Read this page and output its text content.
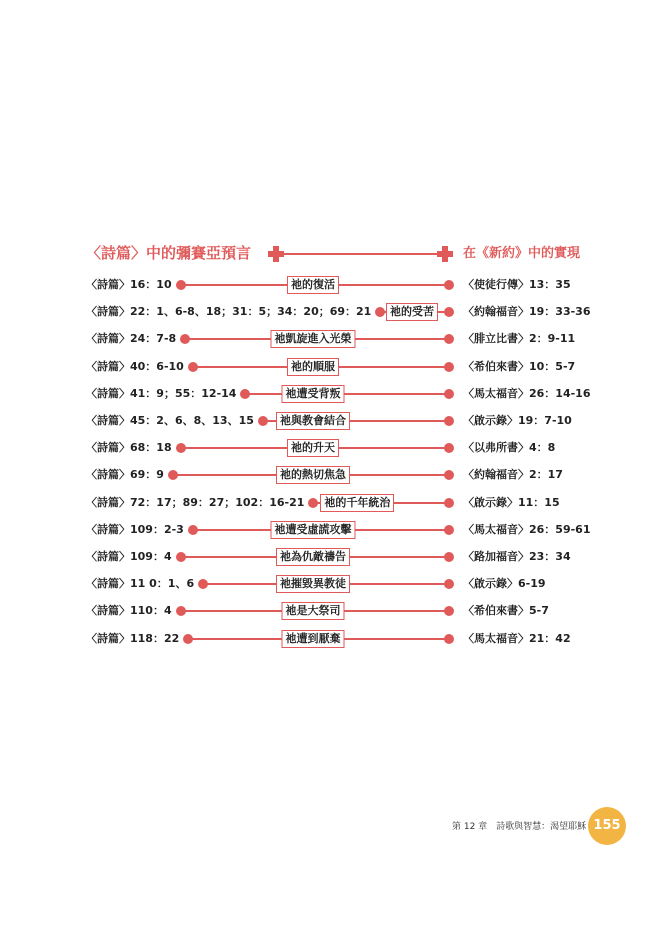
〈詩篇〉中的彌賽亞預言	在《新約》中的實現
〈詩篇〉16：10	祂的復活	〈使徒行傳〉13：35
〈詩篇〉22：1、6-8、18；31：5；34：20；69：21	祂的受苦	〈約翰福音〉19：33-36
〈詩篇〉24：7-8	祂凱旋進入光榮	〈腓立比書〉2：9-11
〈詩篇〉40：6-10	祂的順服	〈希伯來書〉10：5-7
〈詩篇〉41：9；55：12-14	祂遭受背叛	〈馬太福音〉26：14-16
〈詩篇〉45：2、6、8、13、15	祂與教會結合	〈啟示錄〉19：7-10
〈詩篇〉68：18	祂的升天	〈以弗所書〉4：8
〈詩篇〉69：9	祂的熱切焦急	〈約翰福音〉2：17
〈詩篇〉72：17；89：27；102：16-21	祂的千年統治	〈啟示錄〉11：15
〈詩篇〉109：2-3	祂遭受虛謊攻擊	〈馬太福音〉26：59-61
〈詩篇〉109：4	祂為仇敵禱告	〈路加福音〉23：34
〈詩篇〉11 0：1、6	祂摧毀異教徒	〈啟示錄〉6-19
〈詩篇〉110：4	祂是大祭司	〈希伯來書〉5-7
〈詩篇〉118：22	祂遭到厭棄	〈馬太福音〉21：42
第 12 章　詩歌與智慧：渴望耶穌 155
